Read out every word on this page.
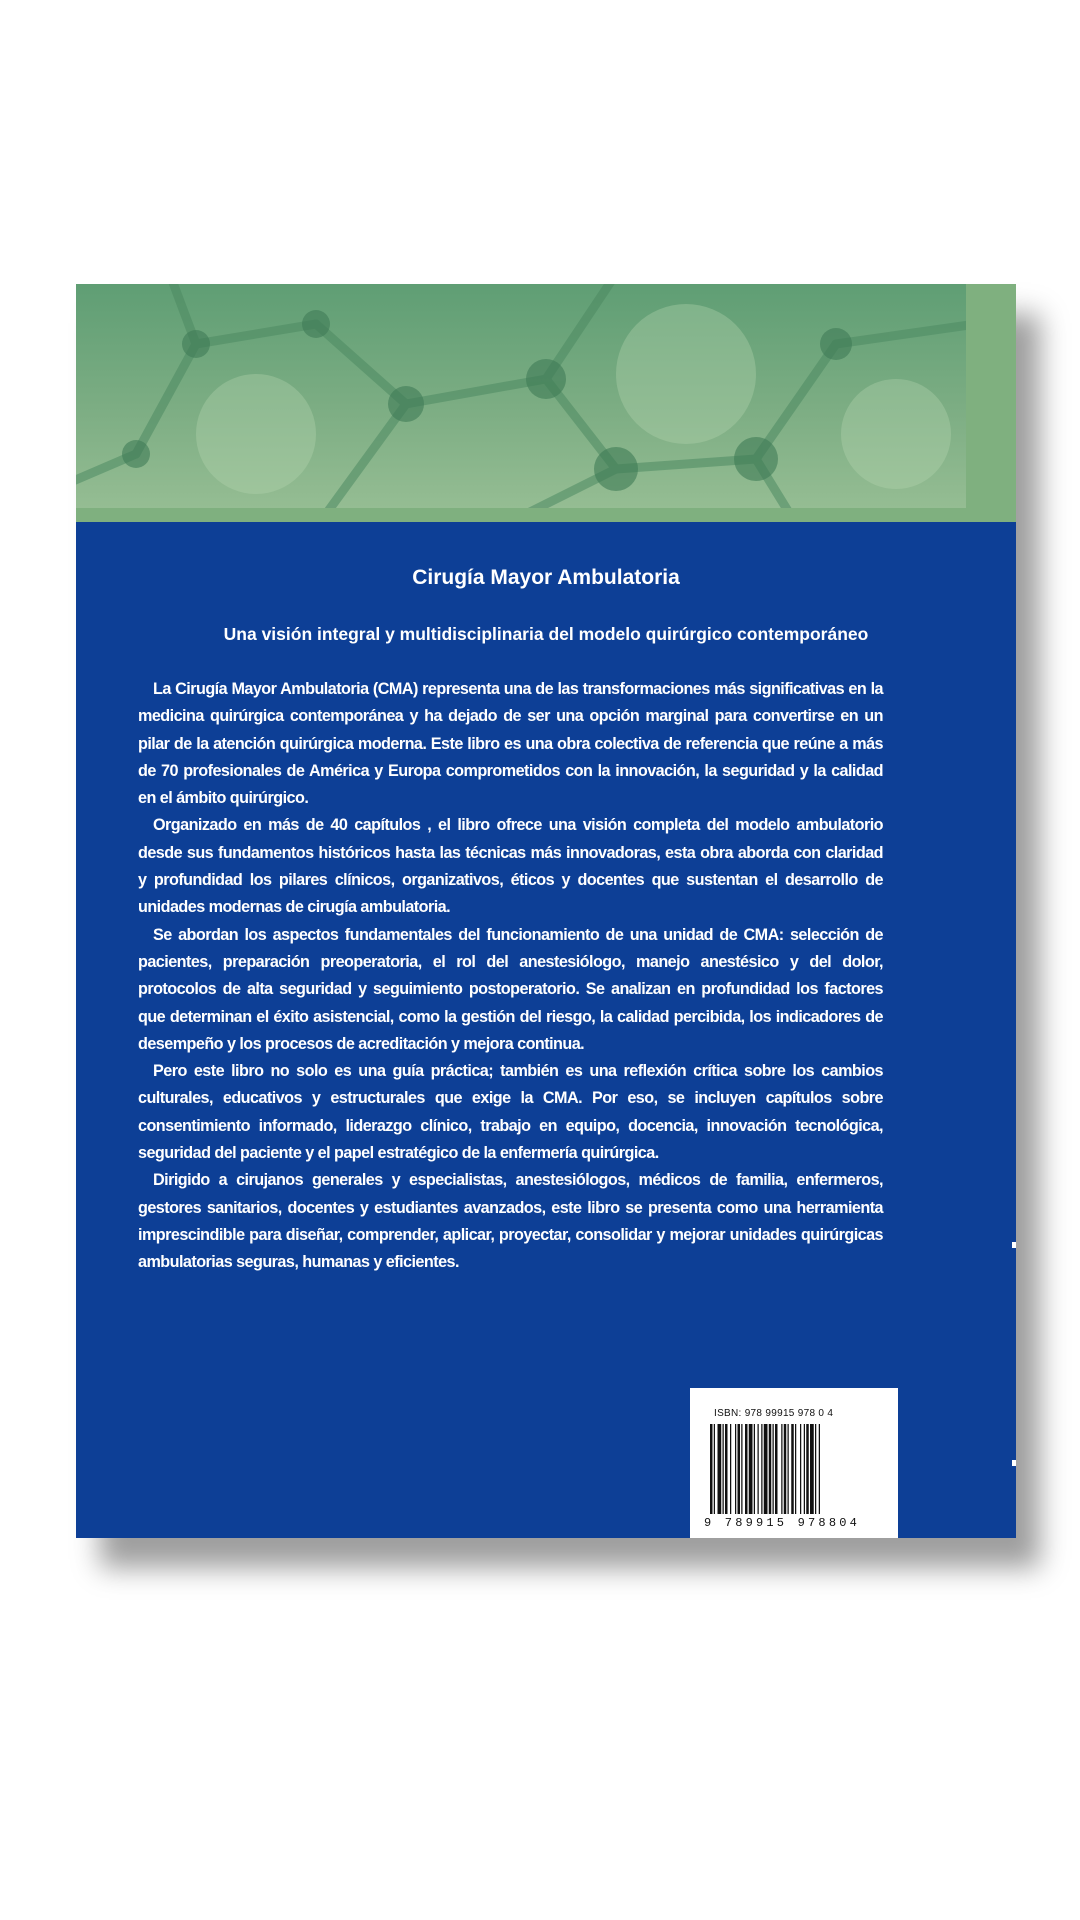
Cirugía Mayor Ambulatoria
Una visión integral y multidisciplinaria del modelo quirúrgico contemporáneo

La Cirugía Mayor Ambulatoria (CMA) representa una de las transformaciones más significativas en la medicina quirúrgica contemporánea y ha dejado de ser una opción marginal para convertirse en un pilar de la atención quirúrgica moderna. Este libro es una obra colectiva de referencia que reúne a más de 70 profesionales de América y Europa comprometidos con la innovación, la seguridad y la calidad en el ámbito quirúrgico.

Organizado en más de 40 capítulos , el libro ofrece una visión completa del modelo ambulatorio desde sus fundamentos históricos hasta las técnicas más innovadoras, esta obra aborda con claridad y profundidad los pilares clínicos, organizativos, éticos y docentes que sustentan el desarrollo de unidades modernas de cirugía ambulatoria.

Se abordan los aspectos fundamentales del funcionamiento de una unidad de CMA: selección de pacientes, preparación preoperatoria, el rol del anestesiólogo, manejo anestésico y del dolor, protocolos de alta seguridad y seguimiento postoperatorio. Se analizan en profundidad los factores que determinan el éxito asistencial, como la gestión del riesgo, la calidad percibida, los indicadores de desempeño y los procesos de acreditación y mejora continua.

Pero este libro no solo es una guía práctica; también es una reflexión crítica sobre los cambios culturales, educativos y estructurales que exige la CMA. Por eso, se incluyen capítulos sobre consentimiento informado, liderazgo clínico, trabajo en equipo, docencia, innovación tecnológica, seguridad del paciente y el papel estratégico de la enfermería quirúrgica.

Dirigido a cirujanos generales y especialistas, anestesiólogos, médicos de familia, enfermeros, gestores sanitarios, docentes y estudiantes avanzados, este libro se presenta como una herramienta imprescindible para diseñar, comprender, aplicar, proyectar, consolidar y mejorar unidades quirúrgicas ambulatorias seguras, humanas y eficientes.

ISBN: 978 99915 978 0 4
9 789915 978804
